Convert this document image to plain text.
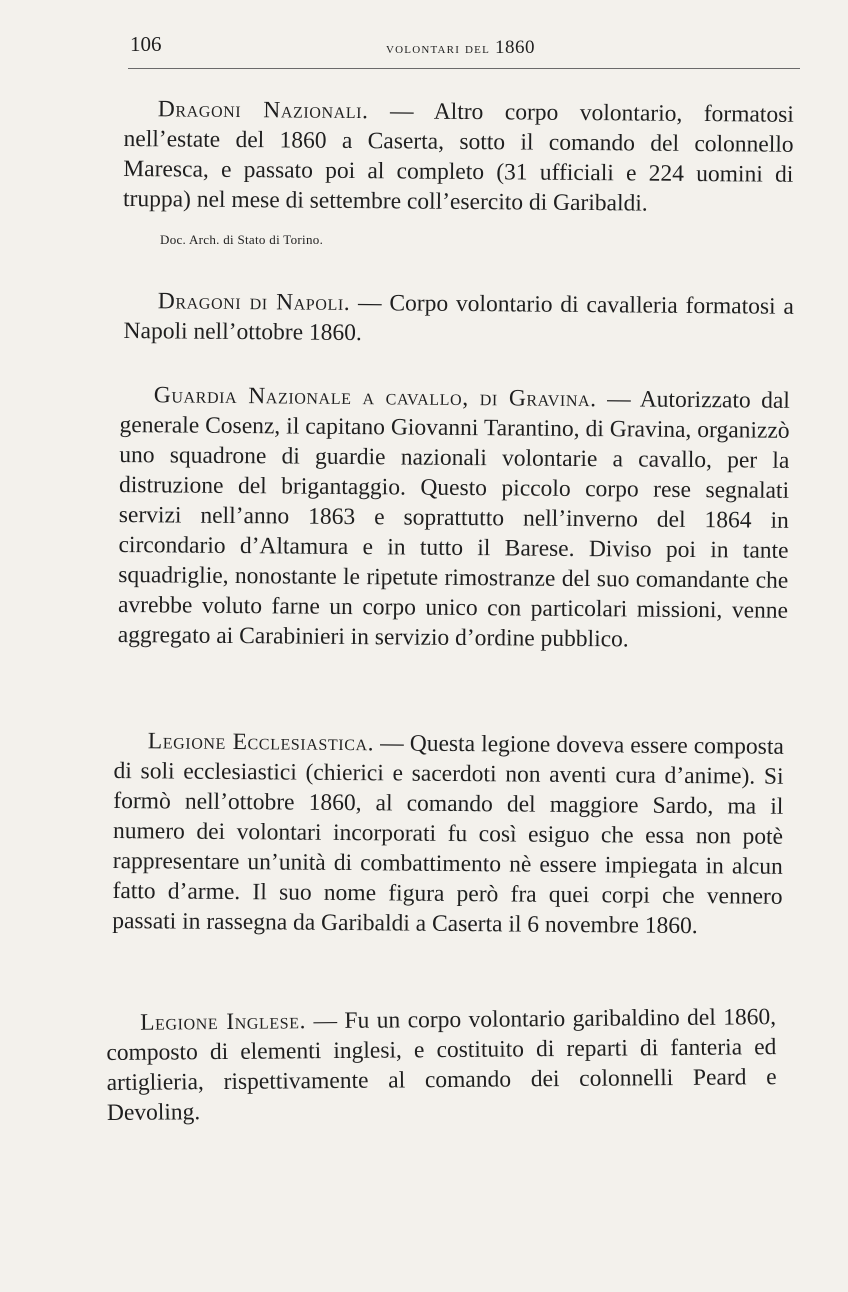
106	volontari del 1860

Dragoni Nazionali. — Altro corpo volontario, formatosi nell’estate del 1860 a Caserta, sotto il comando del colonnello Maresca, e passato poi al completo (31 ufficiali e 224 uomini di truppa) nel mese di settembre coll’esercito di Garibaldi.

Doc. Arch. di Stato di Torino.

Dragoni di Napoli. — Corpo volontario di cavalleria formatosi a Napoli nell’ottobre 1860.

Guardia Nazionale a cavallo, di Gravina. — Autorizzato dal generale Cosenz, il capitano Giovanni Tarantino, di Gravina, organizzò uno squadrone di guardie nazionali volontarie a cavallo, per la distruzione del brigantaggio. Questo piccolo corpo rese segnalati servizi nell’anno 1863 e soprattutto nell’inverno del 1864 in circondario d’Altamura e in tutto il Barese. Diviso poi in tante squadriglie, nonostante le ripetute rimostranze del suo comandante che avrebbe voluto farne un corpo unico con particolari missioni, venne aggregato ai Carabinieri in servizio d’ordine pubblico.

Legione Ecclesiastica. — Questa legione doveva essere composta di soli ecclesiastici (chierici e sacerdoti non aventi cura d’anime). Si formò nell’ottobre 1860, al comando del maggiore Sardo, ma il numero dei volontari incorporati fu così esiguo che essa non potè rappresentare un’unità di combattimento nè essere impiegata in alcun fatto d’arme. Il suo nome figura però fra quei corpi che vennero passati in rassegna da Garibaldi a Caserta il 6 novembre 1860.

Legione Inglese. — Fu un corpo volontario garibaldino del 1860, composto di elementi inglesi, e costituito di reparti di fanteria ed artiglieria, rispettivamente al comando dei colonnelli Peard e Devoling.
